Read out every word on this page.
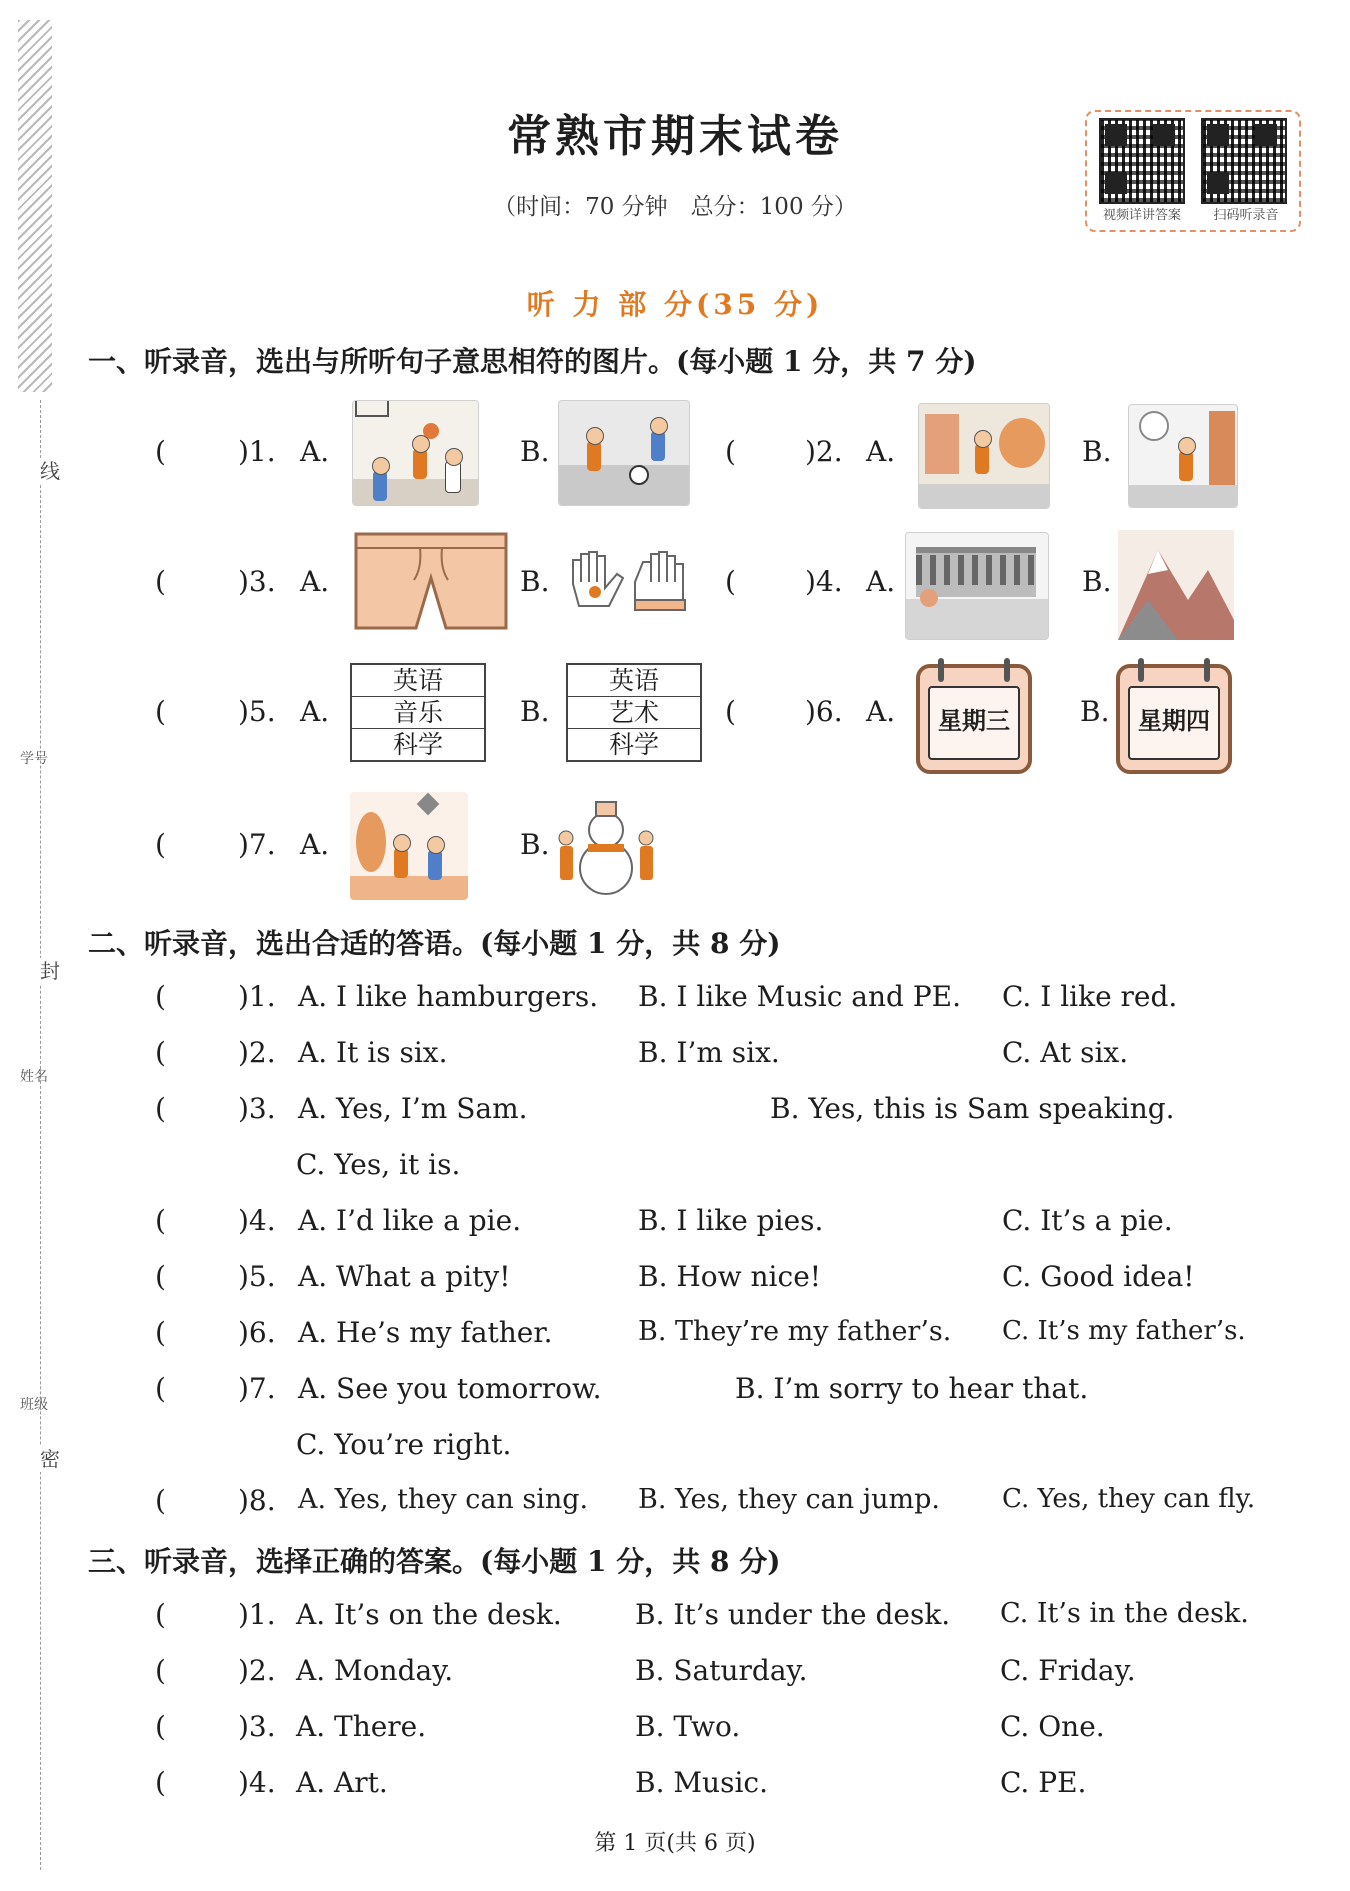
线
封
密
学号
姓名
班级
常熟市期末试卷
（时间：70 分钟　总分：100 分）	视频详讲答案	扫码听录音
听 力 部 分(35 分)
一、听录音，选出与所听句子意思相符的图片。(每小题 1 分，共 7 分)
(	)1. A.	B.	( )2. A.	B.
(	)3. A.	B.	( )4. A.	B.
(	)5. A.
英语
音乐
科学
B.
英语
艺术
科学
( )6. A.	星期三	B.	星期四
(	)7. A.	B.
二、听录音，选出合适的答语。(每小题 1 分，共 8 分)
(	)1. A. I like hamburgers. B. I like Music and PE. C. I like red.
(	)2. A. It is six.	B. I’m six.	C. At six.
(	)3. A. Yes, I’m Sam.	B. Yes, this is Sam speaking.
C. Yes, it is.
(	)4. A. I’d like a pie.	B. I like pies.	C. It’s a pie.
(	)5. A. What a pity!	B. How nice!	C. Good idea!
(	)6. A. He’s my father.	B. They’re my father’s. C. It’s my father’s.
(	)7. A. See you tomorrow.	B. I’m sorry to hear that.
C. You’re right.
(	)8. A. Yes, they can sing. B. Yes, they can jump. C. Yes, they can fly.
三、听录音，选择正确的答案。(每小题 1 分，共 8 分)
(	)1. A. It’s on the desk.	B. It’s under the desk. C. It’s in the desk.
(	)2. A. Monday.	B. Saturday.	C. Friday.
(	)3. A. There.	B. Two.	C. One.
(	)4. A. Art.	B. Music.	C. PE.
第 1 页(共 6 页)
